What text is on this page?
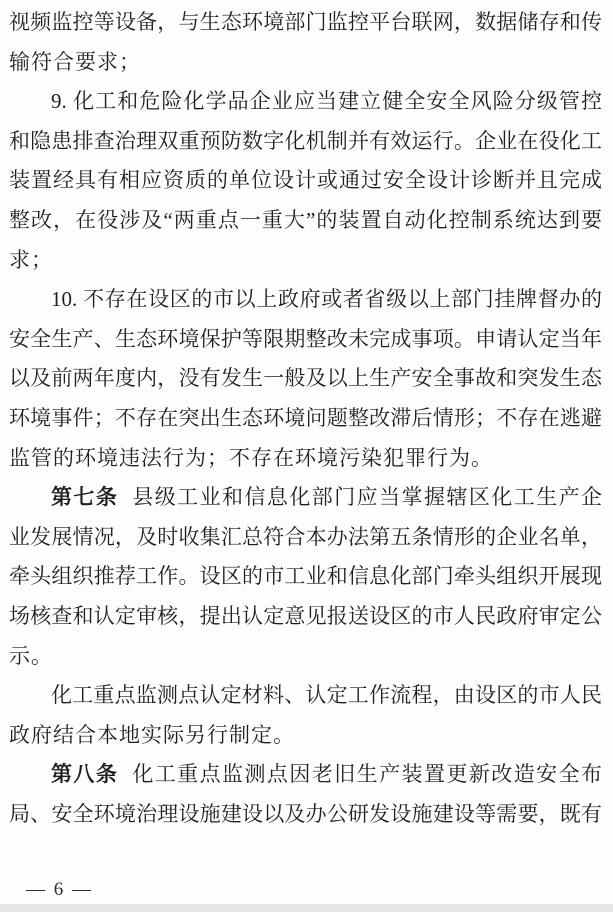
视频监控等设备，与生态环境部门监控平台联网，数据储存和传
输符合要求；
9. 化工和危险化学品企业应当建立健全安全风险分级管控
和隐患排查治理双重预防数字化机制并有效运行。企业在役化工
装置经具有相应资质的单位设计或通过安全设计诊断并且完成
整改，在役涉及“两重点一重大”的装置自动化控制系统达到要
求；
10. 不存在设区的市以上政府或者省级以上部门挂牌督办的
安全生产、生态环境保护等限期整改未完成事项。申请认定当年
以及前两年度内，没有发生一般及以上生产安全事故和突发生态
环境事件；不存在突出生态环境问题整改滞后情形；不存在逃避
监管的环境违法行为；不存在环境污染犯罪行为。
第七条 县级工业和信息化部门应当掌握辖区化工生产企
业发展情况，及时收集汇总符合本办法第五条情形的企业名单，
牵头组织推荐工作。设区的市工业和信息化部门牵头组织开展现
场核查和认定审核，提出认定意见报送设区的市人民政府审定公
示。
化工重点监测点认定材料、认定工作流程，由设区的市人民
政府结合本地实际另行制定。
第八条 化工重点监测点因老旧生产装置更新改造安全布
局、安全环境治理设施建设以及办公研发设施建设等需要，既有
— 6 —
